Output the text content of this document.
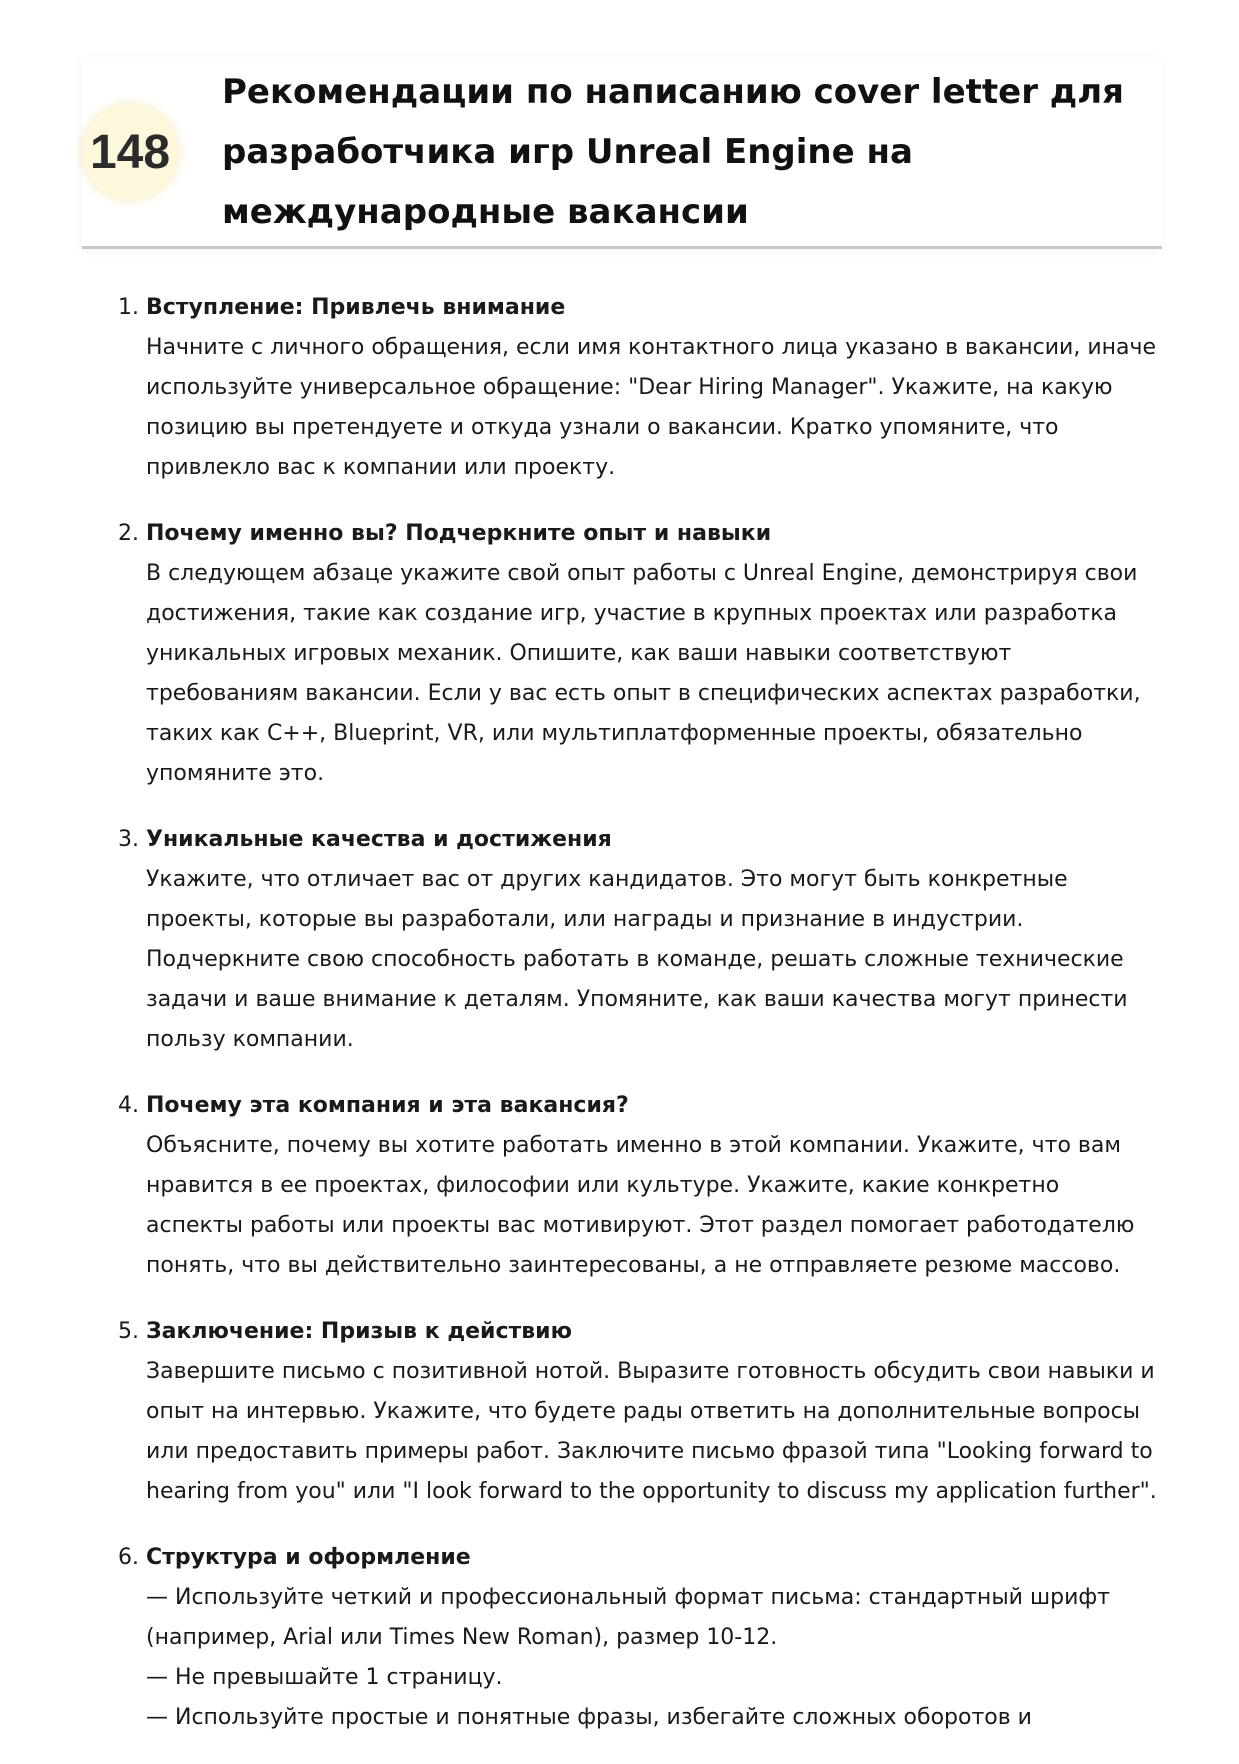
148
Рекомендации по написанию cover letter для разработчика игр Unreal Engine на международные вакансии
1. Вступление: Привлечь внимание
Начните с личного обращения, если имя контактного лица указано в вакансии, иначе используйте универсальное обращение: "Dear Hiring Manager". Укажите, на какую позицию вы претендуете и откуда узнали о вакансии. Кратко упомяните, что привлекло вас к компании или проекту.
2. Почему именно вы? Подчеркните опыт и навыки
В следующем абзаце укажите свой опыт работы с Unreal Engine, демонстрируя свои достижения, такие как создание игр, участие в крупных проектах или разработка уникальных игровых механик. Опишите, как ваши навыки соответствуют требованиям вакансии. Если у вас есть опыт в специфических аспектах разработки, таких как C++, Blueprint, VR, или мультиплатформенные проекты, обязательно упомяните это.
3. Уникальные качества и достижения
Укажите, что отличает вас от других кандидатов. Это могут быть конкретные проекты, которые вы разработали, или награды и признание в индустрии. Подчеркните свою способность работать в команде, решать сложные технические задачи и ваше внимание к деталям. Упомяните, как ваши качества могут принести пользу компании.
4. Почему эта компания и эта вакансия?
Объясните, почему вы хотите работать именно в этой компании. Укажите, что вам нравится в ее проектах, философии или культуре. Укажите, какие конкретно аспекты работы или проекты вас мотивируют. Этот раздел помогает работодателю понять, что вы действительно заинтересованы, а не отправляете резюме массово.
5. Заключение: Призыв к действию
Завершите письмо с позитивной нотой. Выразите готовность обсудить свои навыки и опыт на интервью. Укажите, что будете рады ответить на дополнительные вопросы или предоставить примеры работ. Заключите письмо фразой типа "Looking forward to hearing from you" или "I look forward to the opportunity to discuss my application further".
6. Структура и оформление
— Используйте четкий и профессиональный формат письма: стандартный шрифт (например, Arial или Times New Roman), размер 10-12.
— Не превышайте 1 страницу.
— Используйте простые и понятные фразы, избегайте сложных оборотов и
